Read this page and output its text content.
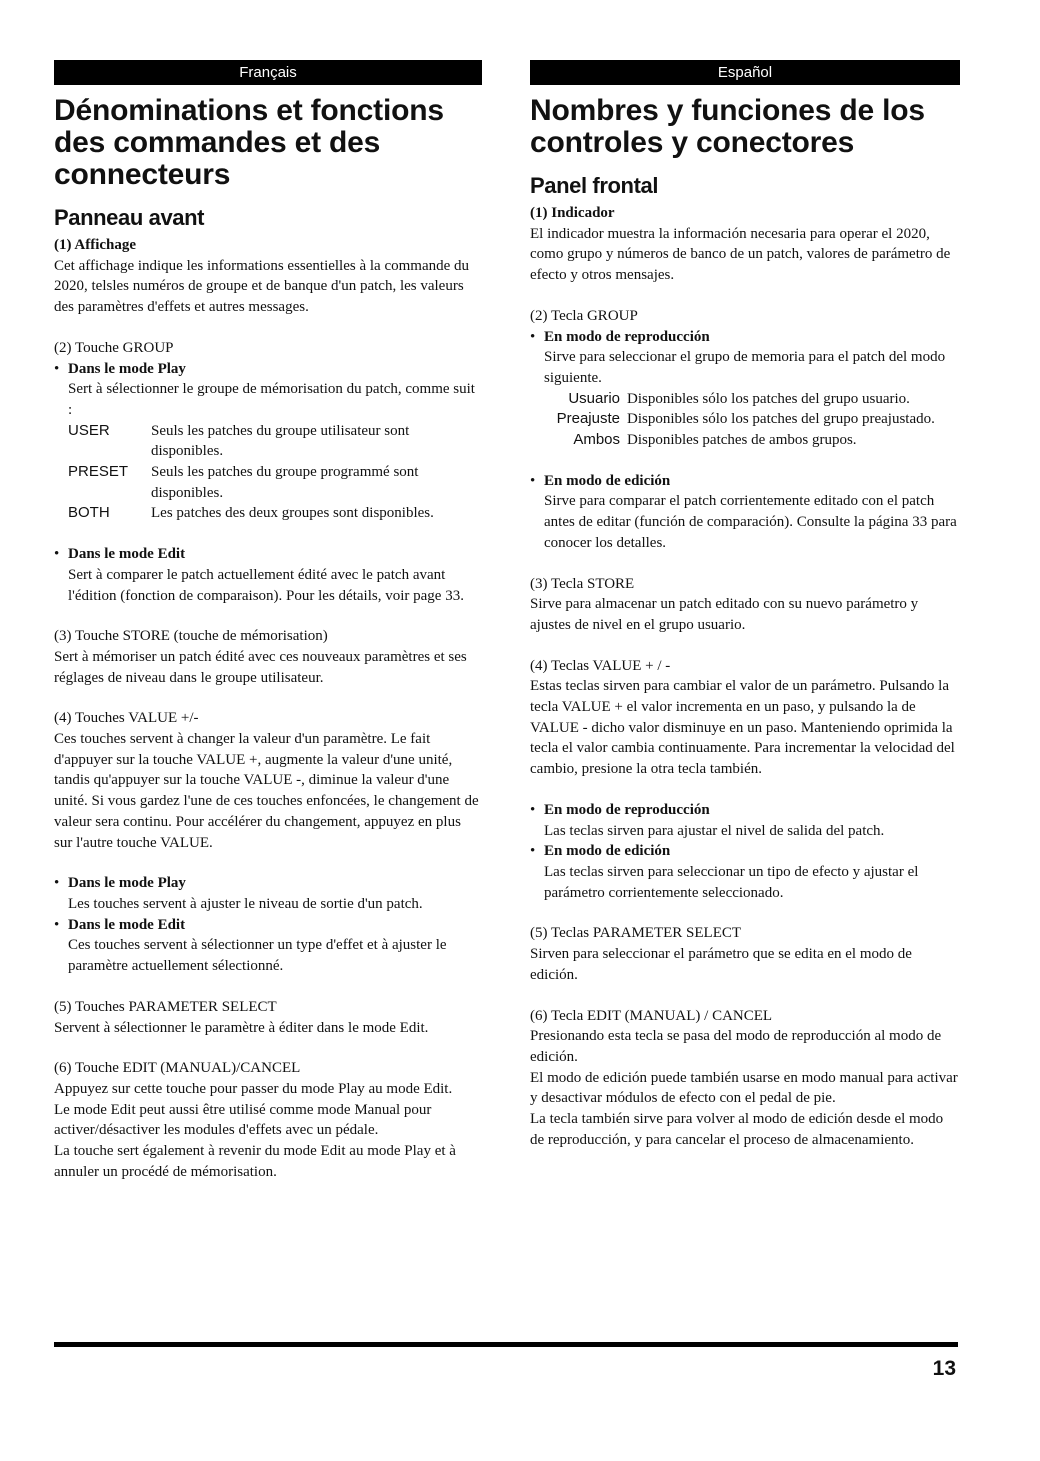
Français
Dénominations et fonctions des commandes et des connecteurs
Panneau avant
(1) Affichage

Cet affichage indique les informations essentielles à la commande du 2020, telsles numéros de groupe et de banque d'un patch, les valeurs des paramètres d'effets et autres messages.

(2) Touche GROUP
• Dans le mode Play

Sert à sélectionner le groupe de mémorisation du patch, comme suit :

USER	Seuls les patches du groupe utilisateur sont disponibles.
PRESET	Seuls les patches du groupe programmé sont disponibles.
BOTH	Les patches des deux groupes sont disponibles.
• Dans le mode Edit

Sert à comparer le patch actuellement édité avec le patch avant l'édition (fonction de comparaison). Pour les détails, voir page 33.

(3) Touche STORE (touche de mémorisation)

Sert à mémoriser un patch édité avec ces nouveaux paramètres et ses réglages de niveau dans le groupe utilisateur.

(4) Touches VALUE +/-

Ces touches servent à changer la valeur d'un paramètre. Le fait d'appuyer sur la touche VALUE +, augmente la valeur d'une unité, tandis qu'appuyer sur la touche VALUE -, diminue la valeur d'une unité. Si vous gardez l'une de ces touches enfoncées, le changement de valeur sera continu. Pour accélérer du changement, appuyez en plus sur l'autre touche VALUE.

• Dans le mode Play

Les touches servent à ajuster le niveau de sortie d'un patch.

• Dans le mode Edit

Ces touches servent à sélectionner un type d'effet et à ajuster le paramètre actuellement sélectionné.

(5) Touches PARAMETER SELECT

Servent à sélectionner le paramètre à éditer dans le mode Edit.

(6) Touche EDIT (MANUAL)/CANCEL

Appuyez sur cette touche pour passer du mode Play au mode Edit.

Le mode Edit peut aussi être utilisé comme mode Manual pour activer/désactiver les modules d'effets avec un pédale.

La touche sert également à revenir du mode Edit au mode Play et à annuler un procédé de mémorisation.

Español
Nombres y funciones de los controles y conectores
Panel frontal
(1) Indicador

El indicador muestra la información necesaria para operar el 2020, como grupo y números de banco de un patch, valores de parámetro de efecto y otros mensajes.

(2) Tecla GROUP
• En modo de reproducción

Sirve para seleccionar el grupo de memoria para el patch del modo siguiente.

Usuario Disponibles sólo los patches del grupo usuario.
Preajuste Disponibles sólo los patches del grupo preajustado.
Ambos Disponibles patches de ambos grupos.
• En modo de edición

Sirve para comparar el patch corrientemente editado con el patch antes de editar (función de comparación). Consulte la página 33 para conocer los detalles.

(3) Tecla STORE

Sirve para almacenar un patch editado con su nuevo parámetro y ajustes de nivel en el grupo usuario.

(4) Teclas VALUE + / -

Estas teclas sirven para cambiar el valor de un parámetro. Pulsando la tecla VALUE + el valor incrementa en un paso, y pulsando la de VALUE - dicho valor disminuye en un paso. Manteniendo oprimida la tecla el valor cambia continuamente. Para incrementar la velocidad del cambio, presione la otra tecla también.

• En modo de reproducción

Las teclas sirven para ajustar el nivel de salida del patch.

• En modo de edición

Las teclas sirven para seleccionar un tipo de efecto y ajustar el parámetro corrientemente seleccionado.

(5) Teclas PARAMETER SELECT

Sirven para seleccionar el parámetro que se edita en el modo de edición.

(6) Tecla EDIT (MANUAL) / CANCEL

Presionando esta tecla se pasa del modo de reproducción al modo de edición.

El modo de edición puede también usarse en modo manual para activar y desactivar módulos de efecto con el pedal de pie.

La tecla también sirve para volver al modo de edición desde el modo de reproducción, y para cancelar el proceso de almacenamiento.

13
